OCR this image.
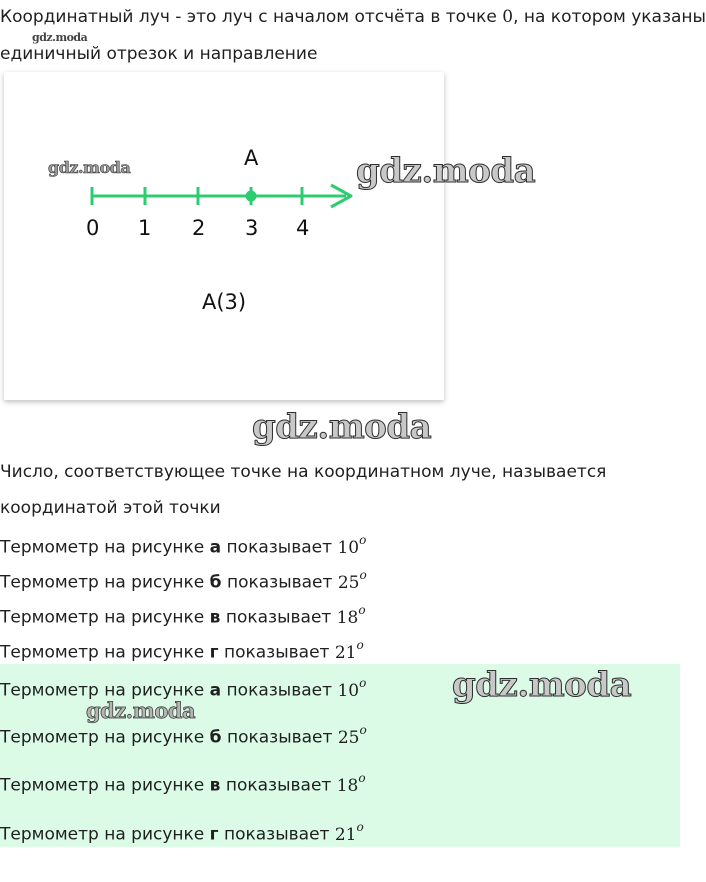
Координатный луч - это луч с началом отсчёта в точке 0, на котором указаны
gdz.moda
единичный отрезок и направление
A
0 1 2 3 4
A(3)
gdz.moda	gdz.moda
gdz.moda
Число, соответствующее точке на координатном луче, называется
координатой этой точки
Термометр на рисунке а показывает 10$^o$
Термометр на рисунке б показывает 25$^o$
Термометр на рисунке в показывает 18$^o$
Термометр на рисунке г показывает 21$^o$
Термометр на рисунке а показывает 10$^o$
Термометр на рисунке б показывает 25$^o$
Термометр на рисунке в показывает 18$^o$
Термометр на рисунке г показывает 21$^o$
gdz.moda
gdz.moda
